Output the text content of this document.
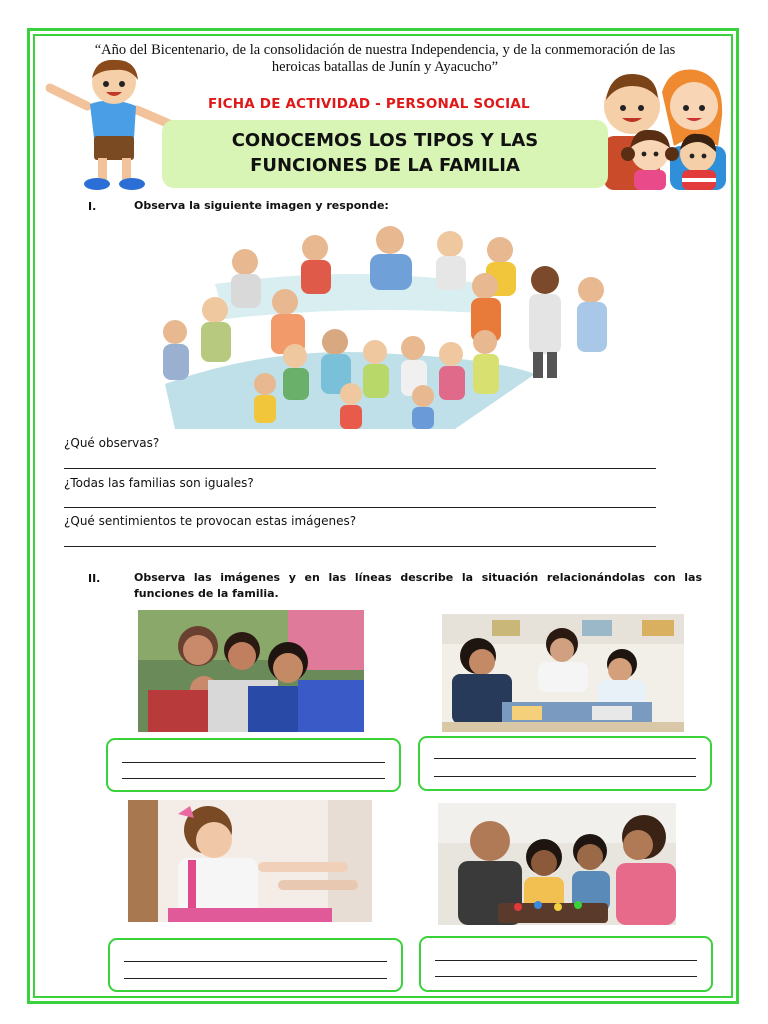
“Año del Bicentenario, de la consolidación de nuestra Independencia, y de la conmemoración de las
heroicas batallas de Junín y Ayacucho”
FICHA DE ACTIVIDAD - PERSONAL SOCIAL
CONOCEMOS LOS TIPOS Y LAS
FUNCIONES DE LA FAMILIA
I.	Observa la siguiente imagen y responde:
¿Qué observas?
¿Todas las familias son iguales?
¿Qué sentimientos te provocan estas imágenes?
II.	Observa las imágenes y en las líneas describe la situación relacionándolas con las
funciones de la familia.
